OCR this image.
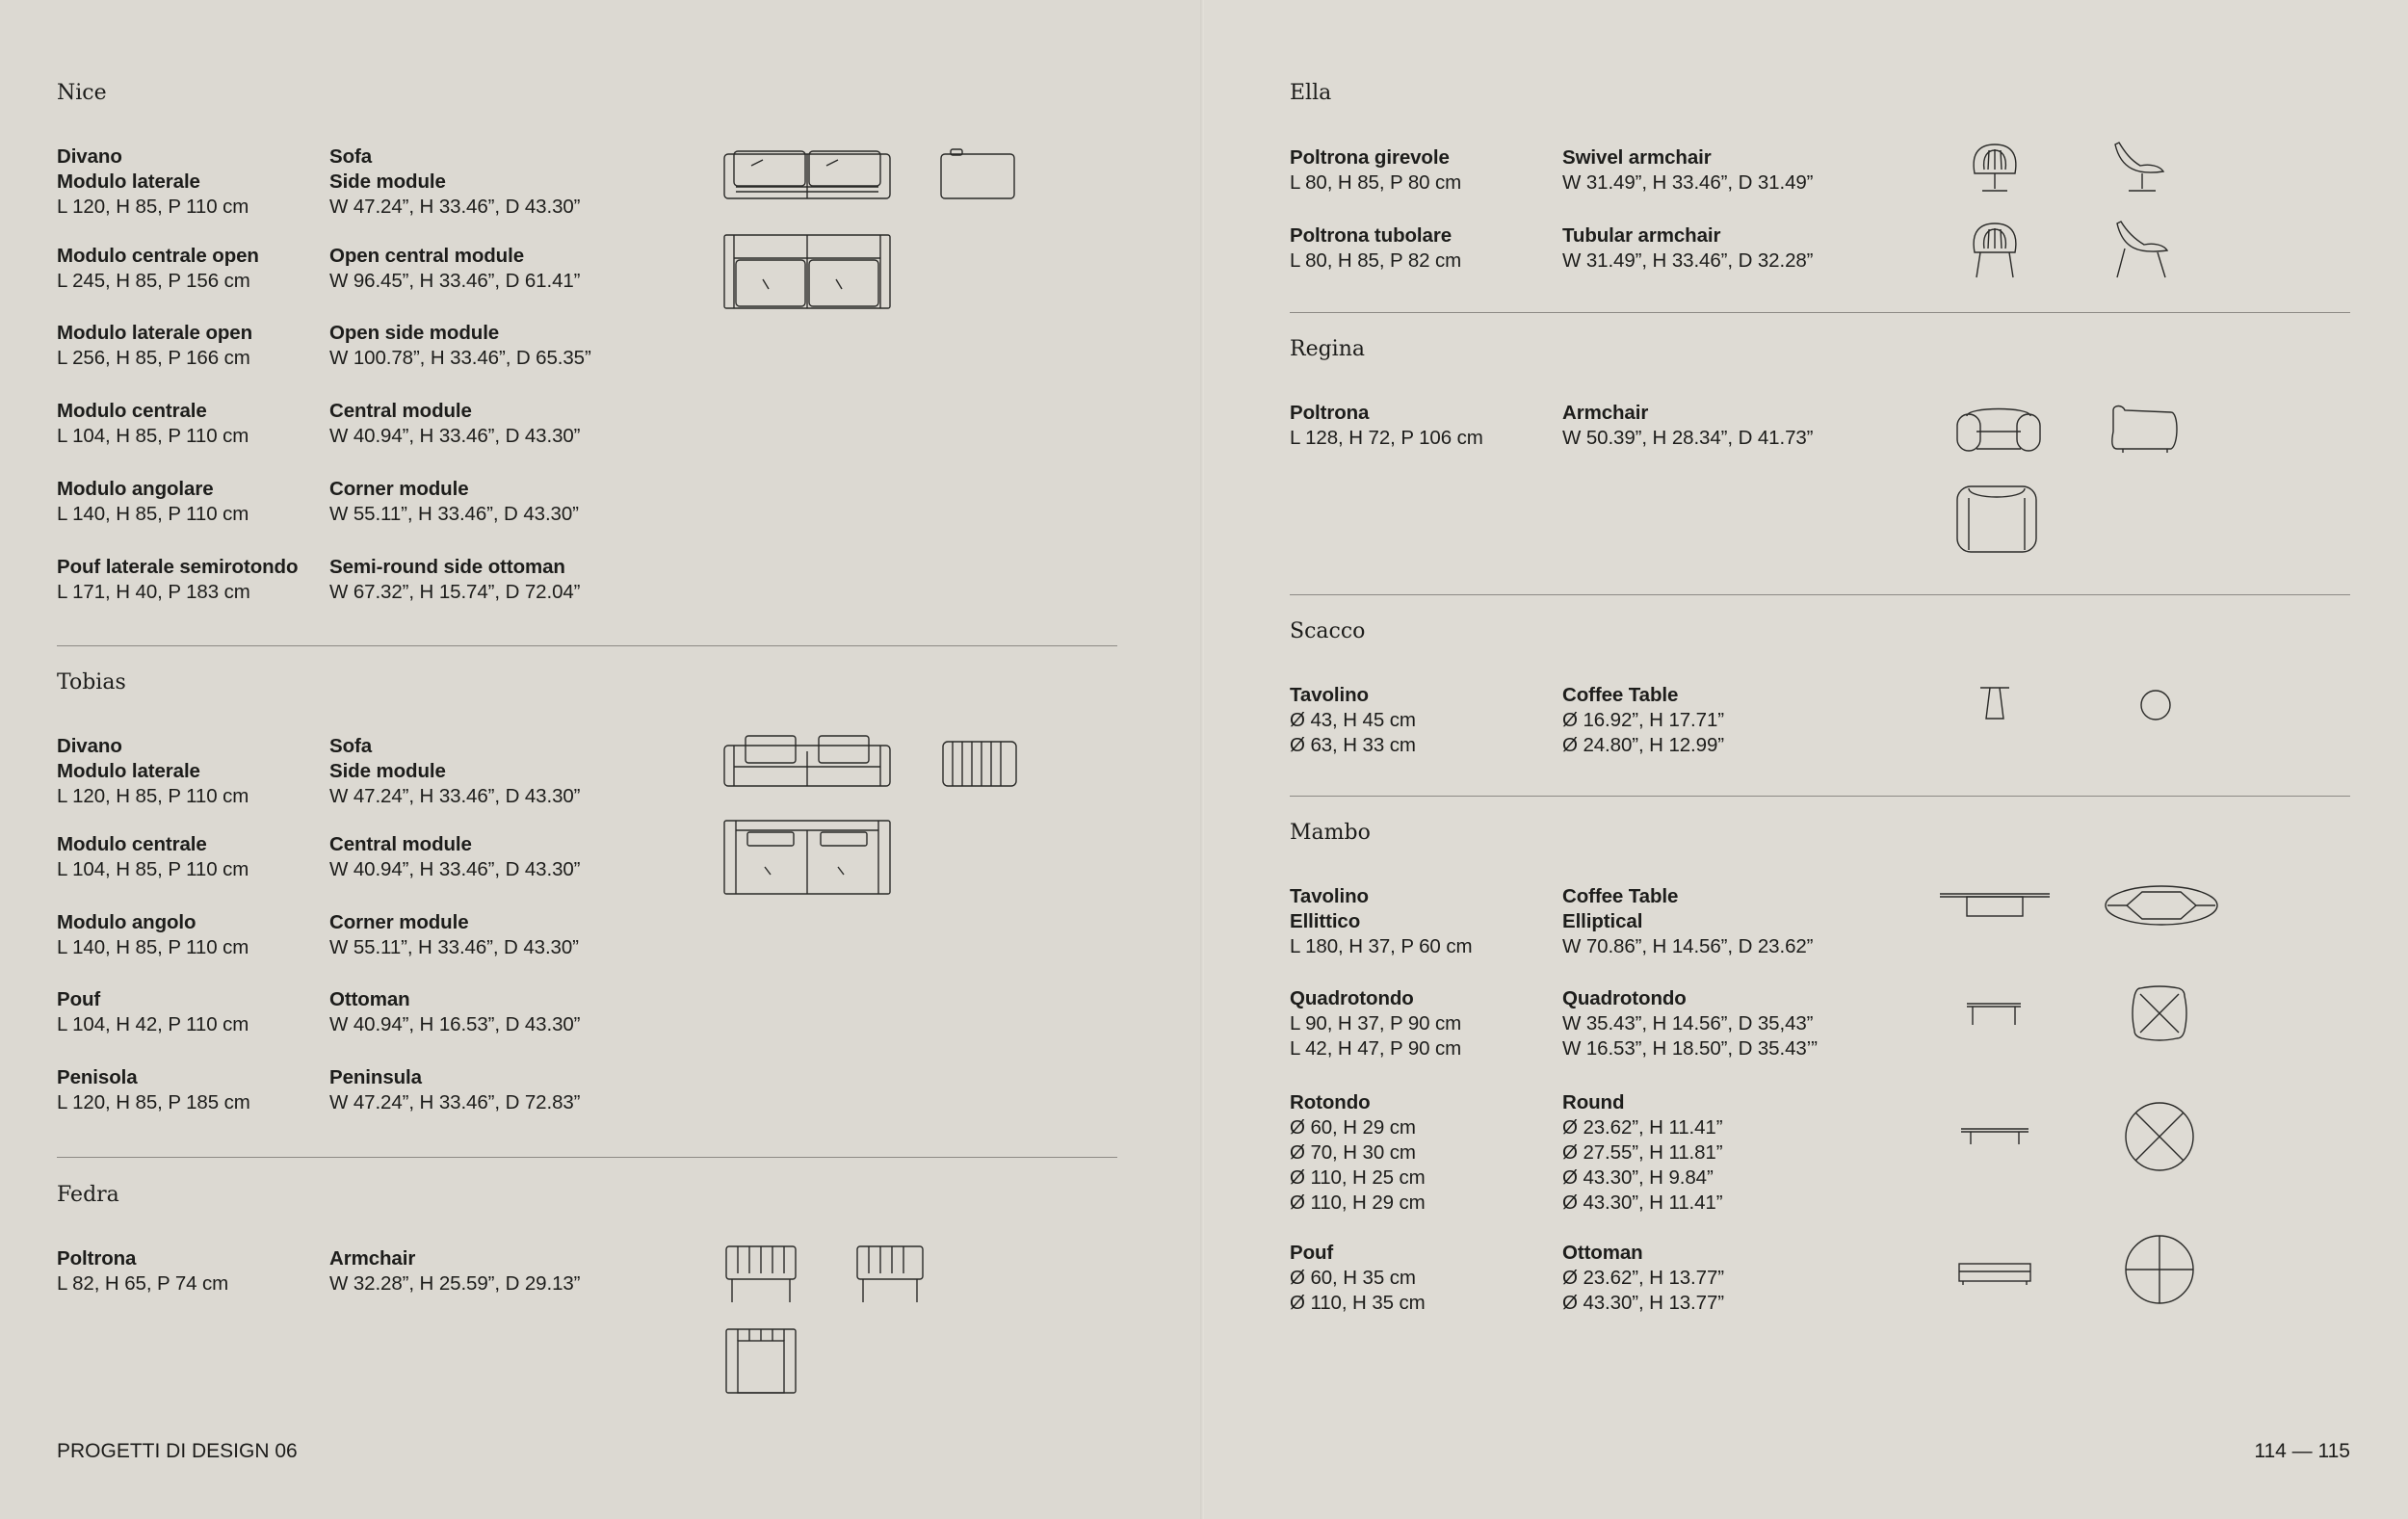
Nice
Divano
Modulo laterale
L 120, H 85, P 110 cm
Sofa
Side module
W 47.24”, H 33.46”, D 43.30”
Modulo centrale open
L 245, H 85, P 156 cm
Open central module
W 96.45”, H 33.46”, D 61.41”
Modulo laterale open
L 256, H 85, P 166 cm
Open side module
W 100.78”, H 33.46”, D 65.35”
Modulo centrale
L 104, H 85, P 110 cm
Central module
W 40.94”, H 33.46”, D 43.30”
Modulo angolare
L 140, H 85, P 110 cm
Corner module
W 55.11”, H 33.46”, D 43.30”
Pouf laterale semirotondo
L 171, H 40, P 183 cm
Semi-round side ottoman
W 67.32”, H 15.74”, D 72.04”
Tobias
Divano
Modulo laterale
L 120, H 85, P 110 cm
Sofa
Side module
W 47.24”, H 33.46”, D 43.30”
Modulo centrale
L 104, H 85, P 110 cm
Central module
W 40.94”, H 33.46”, D 43.30”
Modulo angolo
L 140, H 85, P 110 cm
Corner module
W 55.11”, H 33.46”, D 43.30”
Pouf
L 104, H 42, P 110 cm
Ottoman
W 40.94”, H 16.53”, D 43.30”
Penisola
L 120, H 85, P 185 cm
Peninsula
W 47.24”, H 33.46”, D 72.83”
Fedra
Poltrona
L 82, H 65, P 74 cm
Armchair
W 32.28”, H 25.59”, D 29.13”
Ella
Poltrona girevole
L 80, H 85, P 80 cm
Swivel armchair
W 31.49”, H 33.46”, D 31.49”
Poltrona tubolare
L 80, H 85, P 82 cm
Tubular armchair
W 31.49”, H 33.46”, D 32.28”
Regina
Poltrona
L 128, H 72, P 106 cm
Armchair
W 50.39”, H 28.34”, D 41.73”
Scacco
Tavolino
Ø 43, H 45 cm
Ø 63, H 33 cm
Coffee Table
Ø 16.92”, H 17.71”
Ø 24.80”, H 12.99”
Mambo
Tavolino
Ellittico
L 180, H 37, P 60 cm
Coffee Table
Elliptical
W 70.86”, H 14.56”, D 23.62”
Quadrotondo
L 90, H 37, P 90 cm
L 42, H 47, P 90 cm
Quadrotondo
W 35.43”, H 14.56”, D 35,43”
W 16.53”, H 18.50”, D 35.43’”
Rotondo
Ø 60, H 29 cm
Ø 70, H 30 cm
Ø 110, H 25 cm
Ø 110, H 29 cm
Round
Ø 23.62”, H 11.41”
Ø 27.55”, H 11.81”
Ø 43.30”, H 9.84”
Ø 43.30”, H 11.41”
Pouf
Ø 60, H 35 cm
Ø 110, H 35 cm
Ottoman
Ø 23.62”, H 13.77”
Ø 43.30”, H 13.77”
PROGETTI DI DESIGN 06	114 — 115
